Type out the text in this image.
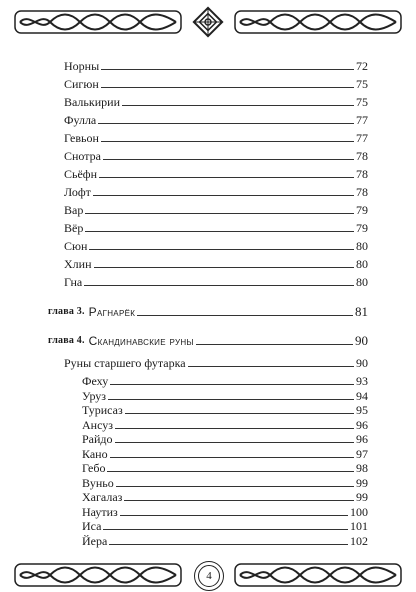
Норны	72
Сигюн	75
Валькирии	75
Фулла	77
Гевьон	77
Снотра	78
Сьёфн	78
Лофт	78
Вар	79
Вёр	79
Сюн	80
Хлин	80
Гна	80
глава 3. Рагнарёк	81
глава 4. Скандинавские руны	90
Руны старшего футарка	90
Феху	93
Уруз	94
Турисаз	95
Ансуз	96
Райдо	96
Кано	97
Гебо	98
Вуньо	99
Хагалаз	99
Наутиз	100
4
Иса	101
Йера	102
